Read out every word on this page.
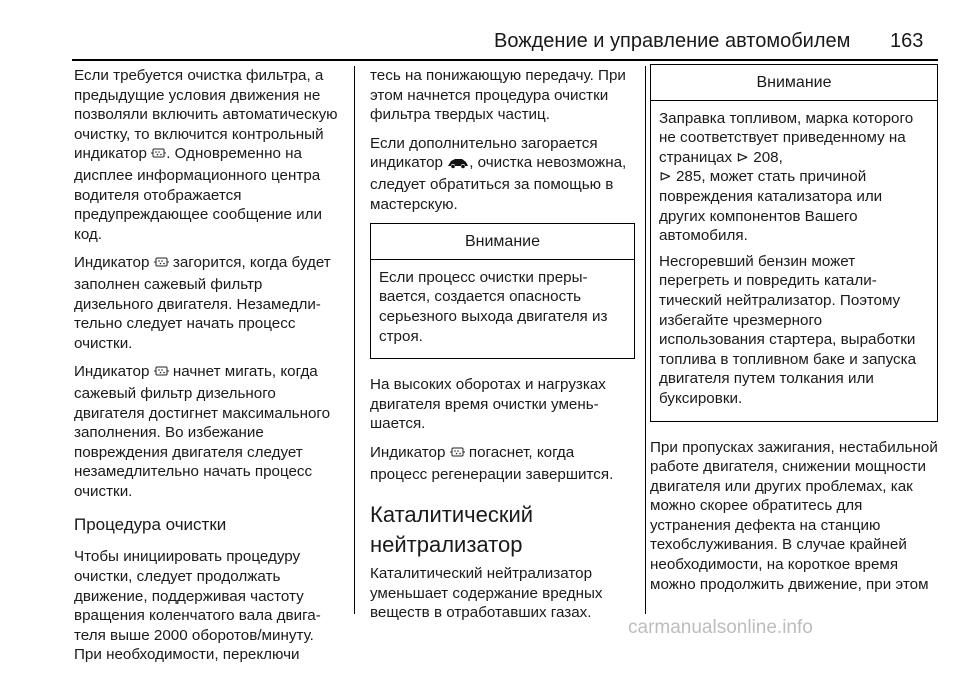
Вождение и управление автомобилем 163

Если требуется очистка фильтра, а предыдущие условия движения не позволяли включить автоматическую очистку, то включится контрольный индикатор . Одновременно на дисплее информационного центра водителя отображается предупреждающее сообщение или код.

Индикатор  загорится, когда будет заполнен сажевый фильтр дизельного двигателя. Незамедлительно следует начать процесс очистки.

Индикатор  начнет мигать, когда сажевый фильтр дизельного двигателя достигнет максимального заполнения. Во избежание повреждения двигателя следует незамедлительно начать процесс очистки.

Процедура очистки

Чтобы инициировать процедуру очистки, следует продолжать движение, поддерживая частоту вращения коленчатого вала двигателя выше 2000 оборотов/минуту. При необходимости, переключи

тесь на понижающую передачу. При этом начнется процедура очистки фильтра твердых частиц.

Если дополнительно загорается индикатор , очистка невозможна, следует обратиться за помощью в мастерскую.

Внимание

Если процесс очистки прерывается, создается опасность серьезного выхода двигателя из строя.

На высоких оборотах и нагрузках двигателя время очистки уменьшается.

Индикатор  погаснет, когда процесс регенерации завершится.

Каталитический нейтрализатор

Каталитический нейтрализатор уменьшает содержание вредных веществ в отработавших газах.

Внимание

Заправка топливом, марка которого не соответствует приведенному на страницах ⊳ 208,
⊳ 285, может стать причиной повреждения катализатора или других компонентов Вашего автомобиля.

Несгоревший бензин может перегреть и повредить каталитический нейтрализатор. Поэтому избегайте чрезмерного использования стартера, выработки топлива в топливном баке и запуска двигателя путем толкания или буксировки.

При пропусках зажигания, нестабильной работе двигателя, снижении мощности двигателя или других проблемах, как можно скорее обратитесь для устранения дефекта на станцию техобслуживания. В случае крайней необходимости, на короткое время можно продолжить движение, при этом

carmanualsonline.info
